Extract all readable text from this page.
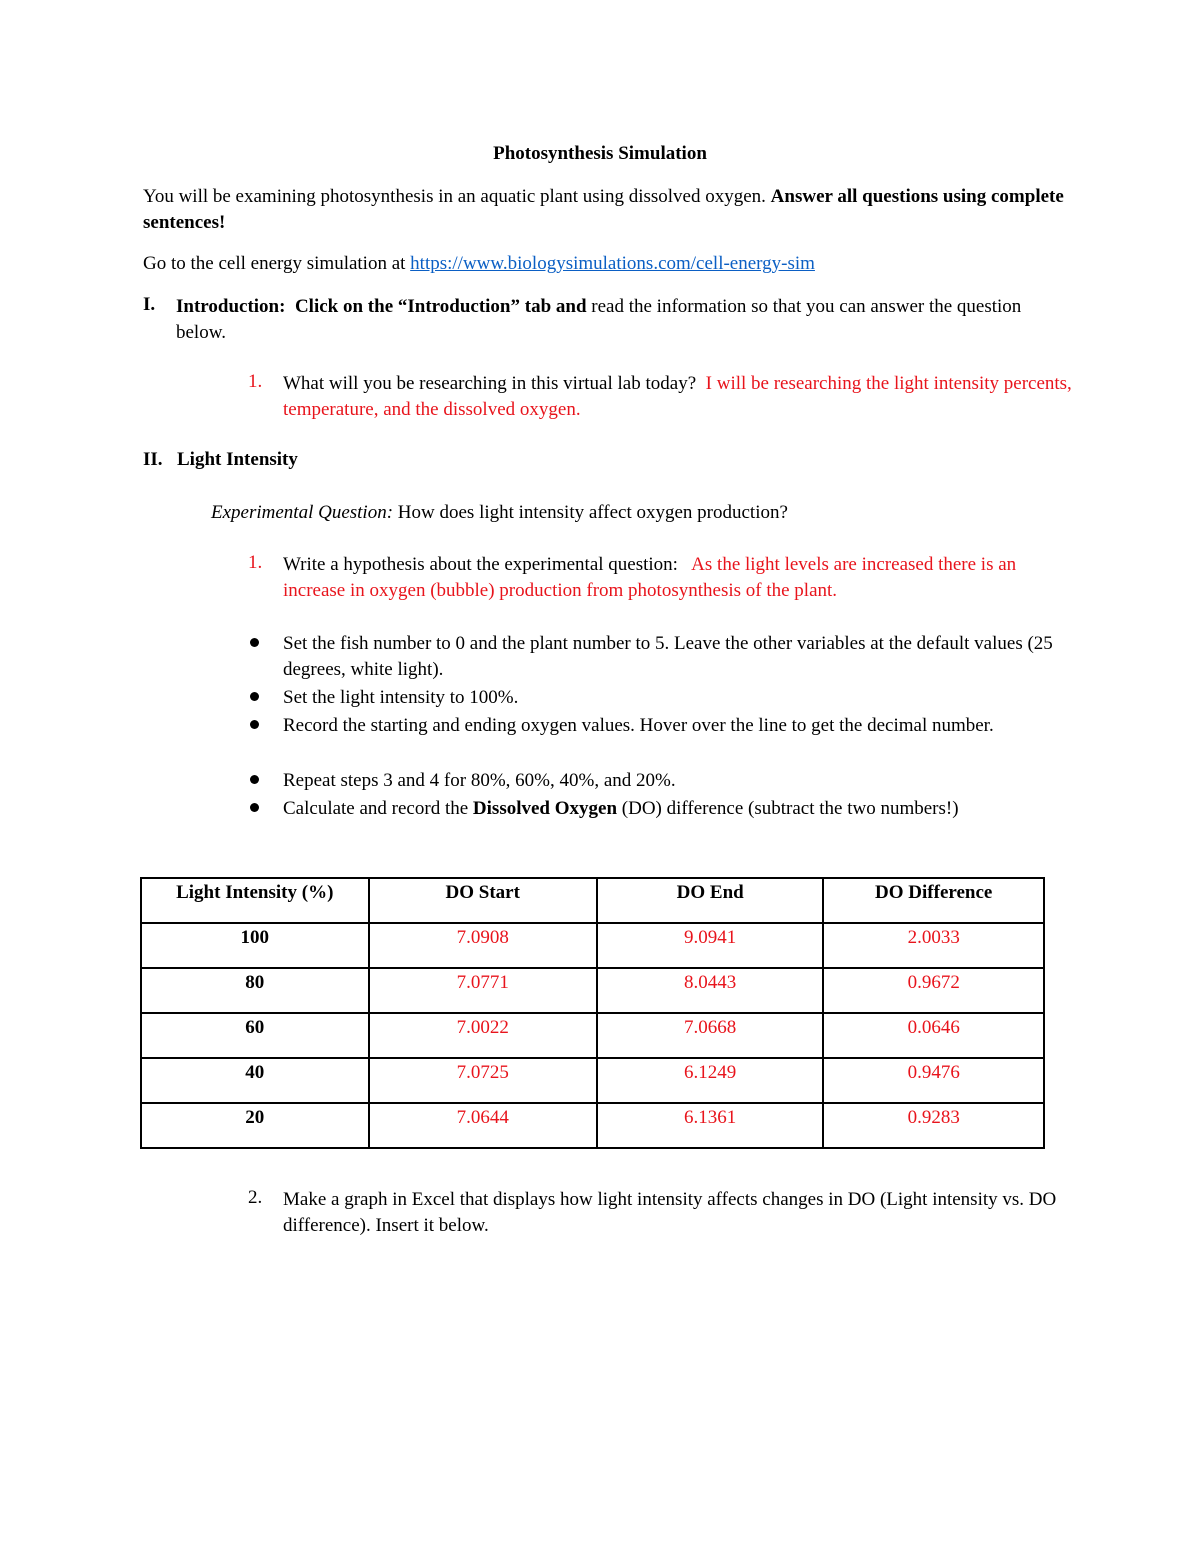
Photosynthesis Simulation
You will be examining photosynthesis in an aquatic plant using dissolved oxygen. Answer all questions using complete sentences!
Go to the cell energy simulation at https://www.biologysimulations.com/cell-energy-sim
I. Introduction: Click on the “Introduction” tab and read the information so that you can answer the question below.
1. What will you be researching in this virtual lab today? I will be researching the light intensity percents, temperature, and the dissolved oxygen.
II. Light Intensity
Experimental Question: How does light intensity affect oxygen production?
1. Write a hypothesis about the experimental question: As the light levels are increased there is an increase in oxygen (bubble) production from photosynthesis of the plant.
Set the fish number to 0 and the plant number to 5. Leave the other variables at the default values (25 degrees, white light).
Set the light intensity to 100%.
Record the starting and ending oxygen values. Hover over the line to get the decimal number.
Repeat steps 3 and 4 for 80%, 60%, 40%, and 20%.
Calculate and record the Dissolved Oxygen (DO) difference (subtract the two numbers!)
Light Intensity (%)	DO Start	DO End	DO Difference
100	7.0908	9.0941	2.0033
80	7.0771	8.0443	0.9672
60	7.0022	7.0668	0.0646
40	7.0725	6.1249	0.9476
20	7.0644	6.1361	0.9283
2. Make a graph in Excel that displays how light intensity affects changes in DO (Light intensity vs. DO difference). Insert it below.
